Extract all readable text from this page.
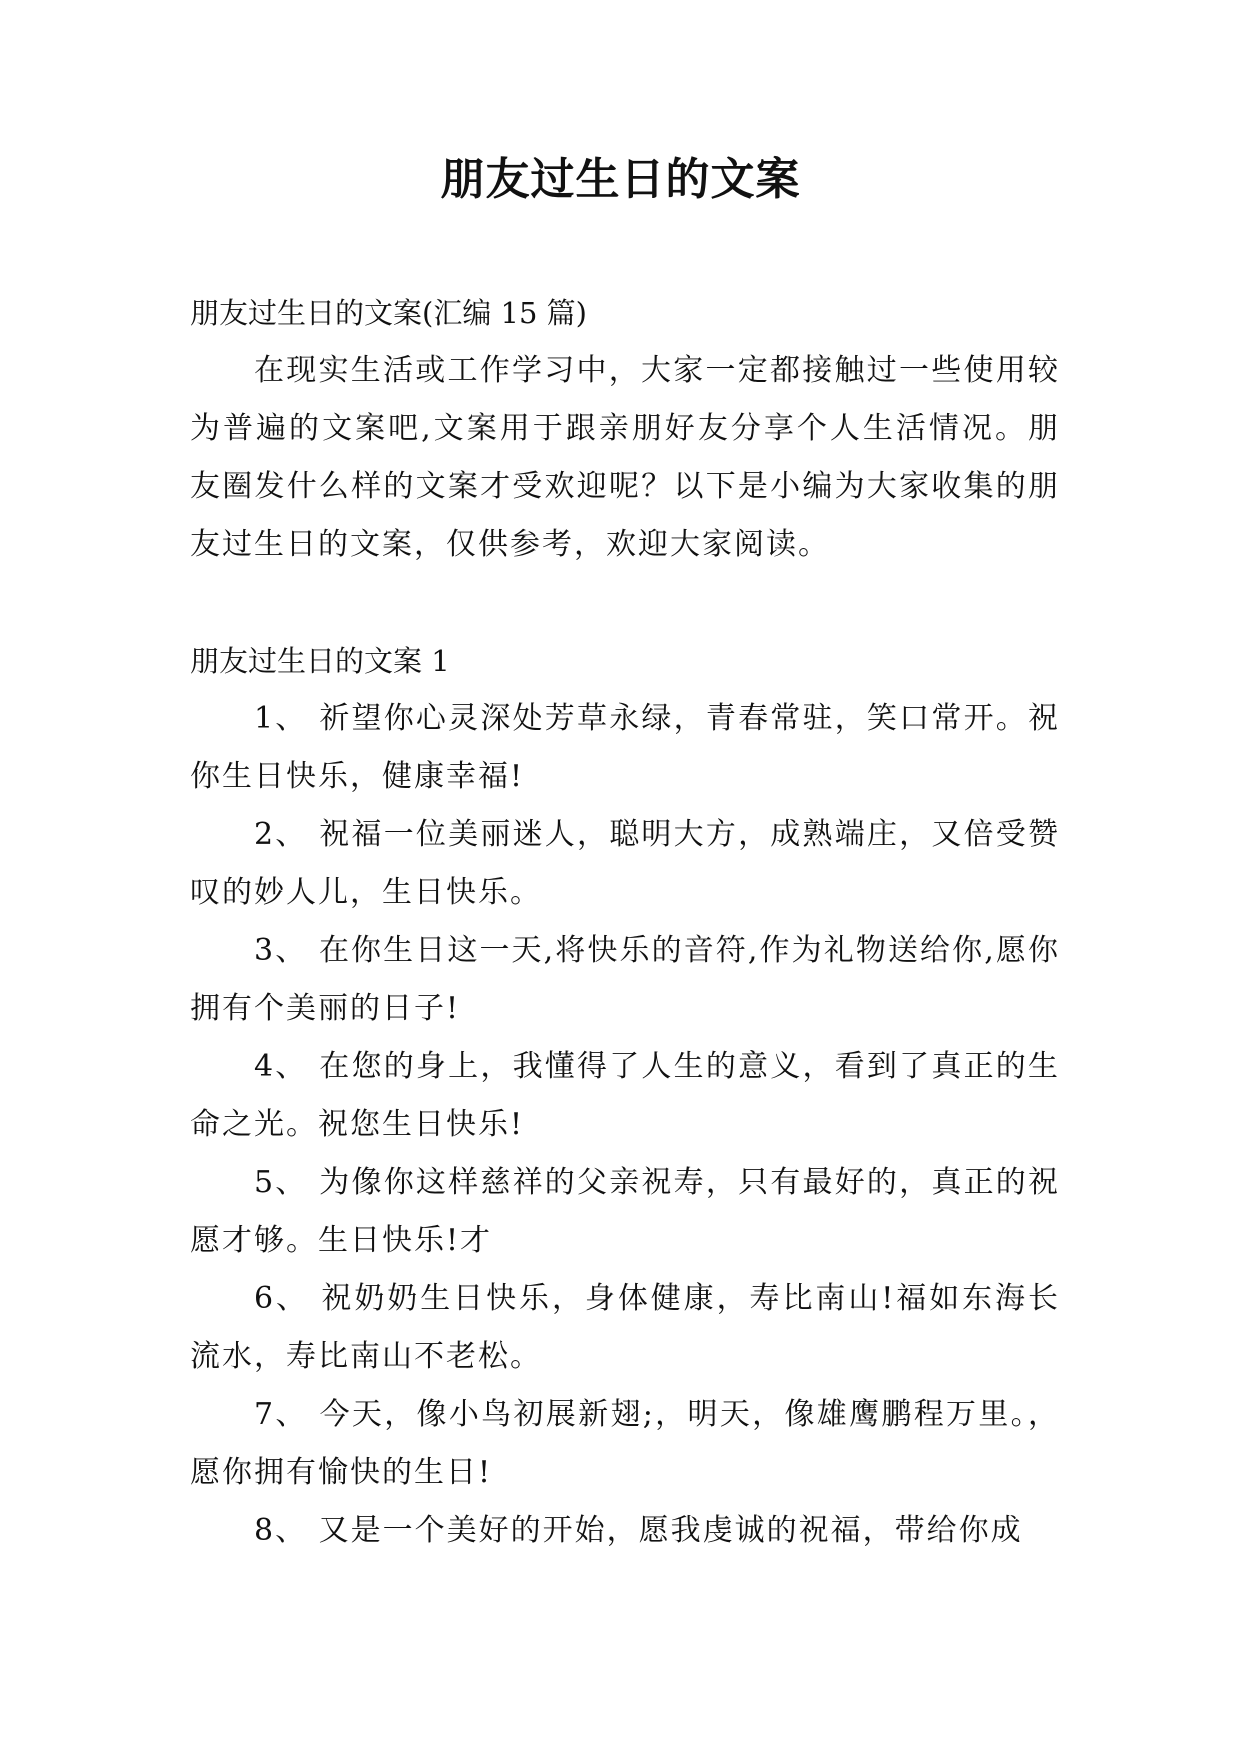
朋友过生日的文案

朋友过生日的文案(汇编 15 篇)

在现实生活或工作学习中，大家一定都接触过一些使用较为普遍的文案吧,文案用于跟亲朋好友分享个人生活情况。朋友圈发什么样的文案才受欢迎呢？以下是小编为大家收集的朋友过生日的文案，仅供参考，欢迎大家阅读。

朋友过生日的文案 1

1、 祈望你心灵深处芳草永绿，青春常驻，笑口常开。祝你生日快乐，健康幸福!

2、 祝福一位美丽迷人，聪明大方，成熟端庄，又倍受赞叹的妙人儿，生日快乐。

3、 在你生日这一天,将快乐的音符,作为礼物送给你,愿你拥有个美丽的日子!

4、 在您的身上，我懂得了人生的意义，看到了真正的生命之光。祝您生日快乐!

5、 为像你这样慈祥的父亲祝寿，只有最好的，真正的祝愿才够。生日快乐!才

6、 祝奶奶生日快乐，身体健康，寿比南山!福如东海长流水，寿比南山不老松。

7、 今天，像小鸟初展新翅;，明天，像雄鹰鹏程万里。，愿你拥有愉快的生日!

8、 又是一个美好的开始，愿我虔诚的祝福，带给你成
